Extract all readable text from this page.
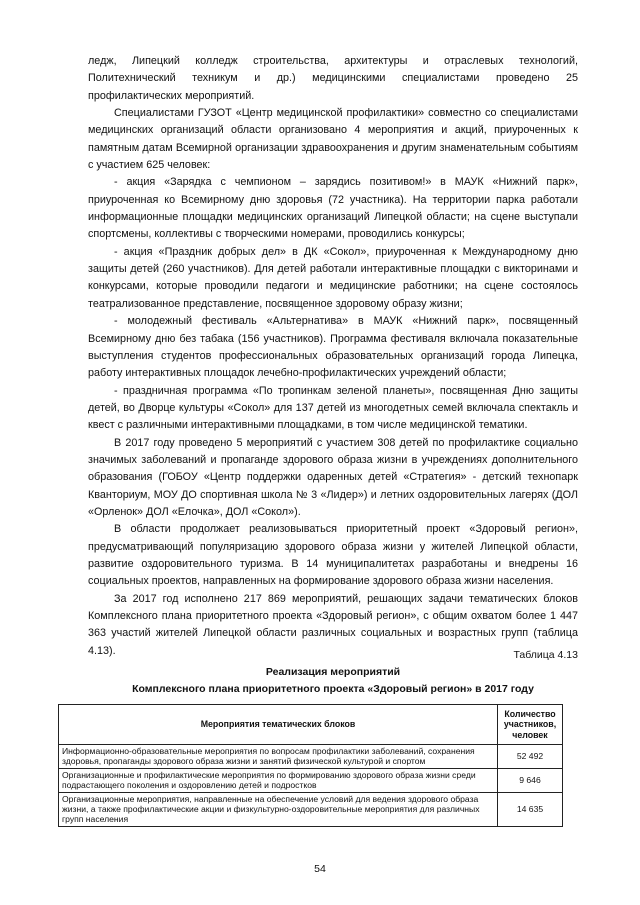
ледж, Липецкий колледж строительства, архитектуры и отраслевых технологий, Политехнический техникум и др.) медицинскими специалистами проведено 25 профилактических мероприятий.

Специалистами ГУЗОТ «Центр медицинской профилактики» совместно со специалистами медицинских организаций области организовано 4 мероприятия и акций, приуроченных к памятным датам Всемирной организации здравоохранения и другим знаменательным событиям с участием 625 человек:

- акция «Зарядка с чемпионом – зарядись позитивом!» в МАУК «Нижний парк», приуроченная ко Всемирному дню здоровья (72 участника). На территории парка работали информационные площадки медицинских организаций Липецкой области; на сцене выступали спортсмены, коллективы с творческими номерами, проводились конкурсы;

- акция «Праздник добрых дел» в ДК «Сокол», приуроченная к Международному дню защиты детей (260 участников). Для детей работали интерактивные площадки с викторинами и конкурсами, которые проводили педагоги и медицинские работники; на сцене состоялось театрализованное представление, посвященное здоровому образу жизни;

- молодежный фестиваль «Альтернатива» в МАУК «Нижний парк», посвященный Всемирному дню без табака (156 участников). Программа фестиваля включала показательные выступления студентов профессиональных образовательных организаций города Липецка, работу интерактивных площадок лечебно-профилактических учреждений области;

- праздничная программа «По тропинкам зеленой планеты», посвященная Дню защиты детей, во Дворце культуры «Сокол» для 137 детей из многодетных семей включала спектакль и квест с различными интерактивными площадками, в том числе медицинской тематики.

В 2017 году проведено 5 мероприятий с участием 308 детей по профилактике социально значимых заболеваний и пропаганде здорового образа жизни в учреждениях дополнительного образования (ГОБОУ «Центр поддержки одаренных детей «Стратегия» - детский технопарк Кванториум, МОУ ДО спортивная школа № 3 «Лидер») и летних оздоровительных лагерях (ДОЛ «Орленок» ДОЛ «Елочка», ДОЛ «Сокол»).

В области продолжает реализовываться приоритетный проект «Здоровый регион», предусматривающий популяризацию здорового образа жизни у жителей Липецкой области, развитие оздоровительного туризма. В 14 муниципалитетах разработаны и внедрены 16 социальных проектов, направленных на формирование здорового образа жизни населения.

За 2017 год исполнено 217 869 мероприятий, решающих задачи тематических блоков Комплексного плана приоритетного проекта «Здоровый регион», с общим охватом более 1 447 363 участий жителей Липецкой области различных социальных и возрастных групп (таблица 4.13).	Таблица 4.13
Реализация мероприятий
Комплексного плана приоритетного проекта «Здоровый регион» в 2017 году
Мероприятия тематических блоков	Количество участников, человек
Информационно-образовательные мероприятия по вопросам профилактики заболеваний, сохранения здоровья, пропаганды здорового образа жизни и занятий физической культурой и спортом	52 492
Организационные и профилактические мероприятия по формированию здорового образа жизни среди подрастающего поколения и оздоровлению детей и подростков	9 646
Организационные мероприятия, направленные на обеспечение условий для ведения здорового образа жизни, а также профилактические акции и физкультурно-оздоровительные мероприятия для различных групп населения	14 635
54
